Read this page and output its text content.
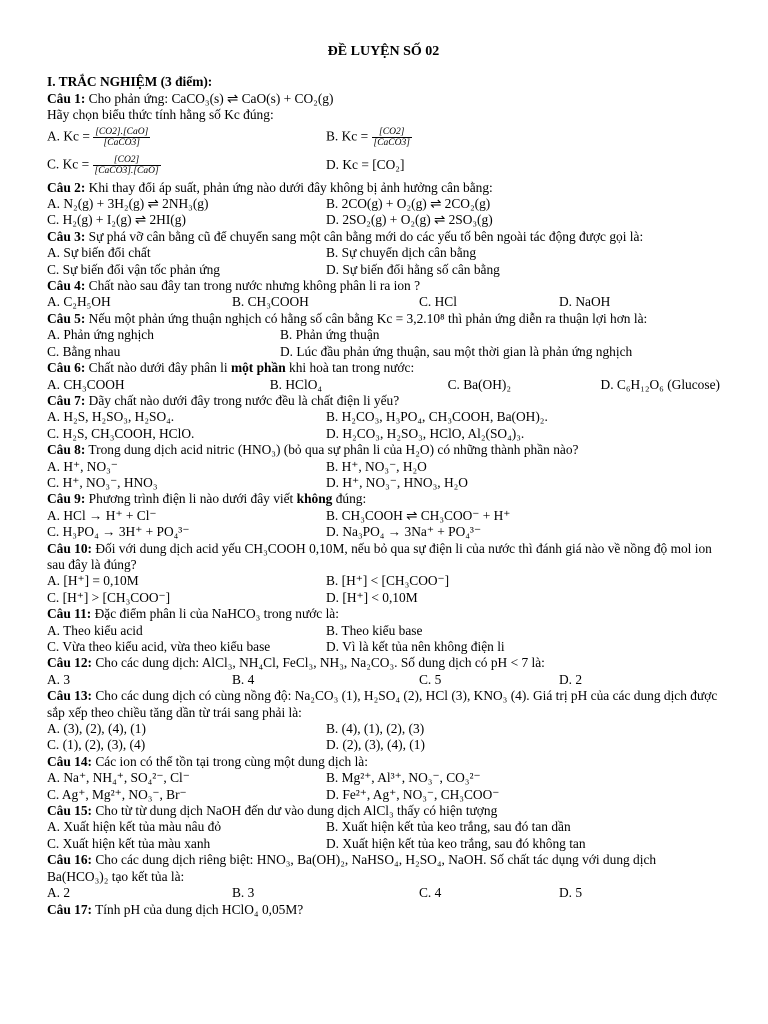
ĐỀ LUYỆN SỐ 02

I. TRẮC NGHIỆM (3 điểm):

Câu 1: Cho phản ứng: CaCO₃(s) ⇌ CaO(s) + CO₂(g)

Hãy chọn biểu thức tính hằng số Kc đúng:

A. $Kc = \frac{\text{[CO2].[CaO]}}{\text{[CaCO3]}}$	B. $Kc = \frac{[CO2]}{\text{[CaCO3]}}$
C. $Kc = \frac{[CO2]}{\text{[CaCO3].[CaO]}}$	D. Kc = [CO₂]

Câu 2: Khi thay đổi áp suất, phản ứng nào dưới đây không bị ảnh hưởng cân bằng:

A. N₂(g) + 3H₂(g) ⇌ 2NH₃(g)	B. 2CO(g) + O₂(g) ⇌ 2CO₂(g)
C. H₂(g) + I₂(g) ⇌ 2HI(g)	D. 2SO₂(g) + O₂(g) ⇌ 2SO₃(g)

Câu 3: Sự phá vỡ cân bằng cũ để chuyển sang một cân bằng mới do các yếu tố bên ngoài tác động được gọi là:

A. Sự biến đổi chất	B. Sự chuyển dịch cân bằng
C. Sự biến đổi vận tốc phản ứng	D. Sự biến đổi hằng số cân bằng

Câu 4: Chất nào sau đây tan trong nước nhưng không phân li ra ion ?

A. C₂H₅OH	B. CH₃COOH	C. HCl	D. NaOH

Câu 5: Nếu một phản ứng thuận nghịch có hằng số cân bằng Kc = 3,2.10⁸ thì phản ứng diễn ra thuận lợi hơn là:

A. Phản ứng nghịch	B. Phản ứng thuận
C. Bằng nhau	D. Lúc đầu phản ứng thuận, sau một thời gian là phản ứng nghịch

Câu 6: Chất nào dưới đây phân li một phần khi hoà tan trong nước:

A. CH₃COOH	B. HClO₄	C. Ba(OH)₂	D. C₆H₁₂O₆ (Glucose)

Câu 7: Dãy chất nào dưới đây trong nước đều là chất điện li yếu?

A. H₂S, H₂SO₃, H₂SO₄.	B. H₂CO₃, H₃PO₄, CH₃COOH, Ba(OH)₂.
C. H₂S, CH₃COOH, HClO.	D. H₂CO₃, H₂SO₃, HClO, Al₂(SO₄)₃.

Câu 8: Trong dung dịch acid nitric (HNO₃) (bỏ qua sự phân li của H₂O) có những thành phần nào?

A. H⁺, NO₃⁻	B. H⁺, NO₃⁻, H₂O
C. H⁺, NO₃⁻, HNO₃	D. H⁺, NO₃⁻, HNO₃, H₂O

Câu 9: Phương trình điện li nào dưới đây viết không đúng:

A. HCl → H⁺ + Cl⁻	B. CH₃COOH ⇌ CH₃COO⁻ + H⁺
C. H₃PO₄ → 3H⁺ + PO₄³⁻	D. Na₃PO₄ → 3Na⁺ + PO₄³⁻

Câu 10: Đối với dung dịch acid yếu CH₃COOH 0,10M, nếu bỏ qua sự điện li của nước thì đánh giá nào về nồng độ mol ion sau đây là đúng?

A. [H⁺] = 0,10M	B. [H⁺] < [CH₃COO⁻]
C. [H⁺] > [CH₃COO⁻]	D. [H⁺] < 0,10M

Câu 11: Đặc điểm phân li của NaHCO₃ trong nước là:

A. Theo kiểu acid	B. Theo kiểu base
C. Vừa theo kiểu acid, vừa theo kiểu base	D. Vì là kết tủa nên không điện li

Câu 12: Cho các dung dịch: AlCl₃, NH₄Cl, FeCl₃, NH₃, Na₂CO₃. Số dung dịch có pH < 7 là:

A. 3	B. 4	C. 5	D. 2

Câu 13: Cho các dung dịch có cùng nồng độ: Na₂CO₃ (1), H₂SO₄ (2), HCl (3), KNO₃ (4). Giá trị pH của các dung dịch được sắp xếp theo chiều tăng dần từ trái sang phải là:

A. (3), (2), (4), (1)	B. (4), (1), (2), (3)
C. (1), (2), (3), (4)	D. (2), (3), (4), (1)

Câu 14: Các ion có thể tồn tại trong cùng một dung dịch là:

A. Na⁺, NH₄⁺, SO₄²⁻, Cl⁻	B. Mg²⁺, Al³⁺, NO₃⁻, CO₃²⁻
C. Ag⁺, Mg²⁺, NO₃⁻, Br⁻	D. Fe²⁺, Ag⁺, NO₃⁻, CH₃COO⁻

Câu 15: Cho từ từ dung dịch NaOH đến dư vào dung dịch AlCl₃ thấy có hiện tượng

A. Xuất hiện kết tủa màu nâu đỏ	B. Xuất hiện kết tủa keo trắng, sau đó tan dần
C. Xuất hiện kết tủa màu xanh	D. Xuất hiện kết tủa keo trắng, sau đó không tan

Câu 16: Cho các dung dịch riêng biệt: HNO₃, Ba(OH)₂, NaHSO₄, H₂SO₄, NaOH. Số chất tác dụng với dung dịch Ba(HCO₃)₂ tạo kết tủa là:

A. 2	B. 3	C. 4	D. 5

Câu 17: Tính pH của dung dịch HClO₄ 0,05M?
